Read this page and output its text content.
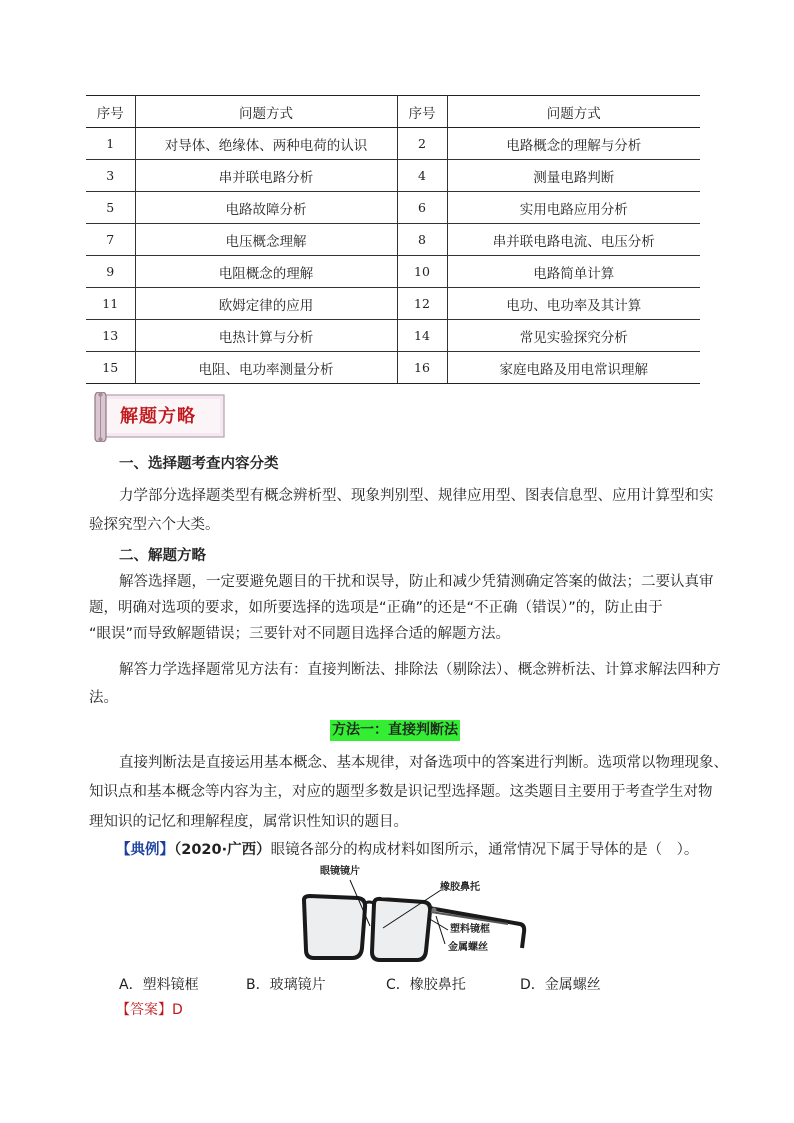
序号	问题方式	序号	问题方式
1	对导体、绝缘体、两种电荷的认识	2	电路概念的理解与分析
3	串并联电路分析	4	测量电路判断
5	电路故障分析	6	实用电路应用分析
7	电压概念理解	8	串并联电路电流、电压分析
9	电阻概念的理解	10	电路简单计算
11	欧姆定律的应用	12	电功、电功率及其计算
13	电热计算与分析	14	常见实验探究分析
15	电阻、电功率测量分析	16	家庭电路及用电常识理解
解题方略
一、选择题考查内容分类
力学部分选择题类型有概念辨析型、现象判别型、规律应用型、图表信息型、应用计算型和实
验探究型六个大类。
二、解题方略
解答选择题，一定要避免题目的干扰和误导，防止和减少凭猜测确定答案的做法；二要认真审
题，明确对选项的要求，如所要选择的选项是“正确”的还是“不正确（错误）”的，防止由于
“眼误”而导致解题错误；三要针对不同题目选择合适的解题方法。
解答力学选择题常见方法有：直接判断法、排除法（剔除法）、概念辨析法、计算求解法四种方
法。
方法一：直接判断法
直接判断法是直接运用基本概念、基本规律，对备选项中的答案进行判断。选项常以物理现象、
知识点和基本概念等内容为主，对应的题型多数是识记型选择题。这类题目主要用于考查学生对物
理知识的记忆和理解程度，属常识性知识的题目。
【典例】（2020·广西）眼镜各部分的构成材料如图所示，通常情况下属于导体的是（　）。
眼镜镜片
橡胶鼻托
塑料镜框
金属螺丝
A．塑料镜框	B．玻璃镜片	C．橡胶鼻托	D．金属螺丝
【答案】D
